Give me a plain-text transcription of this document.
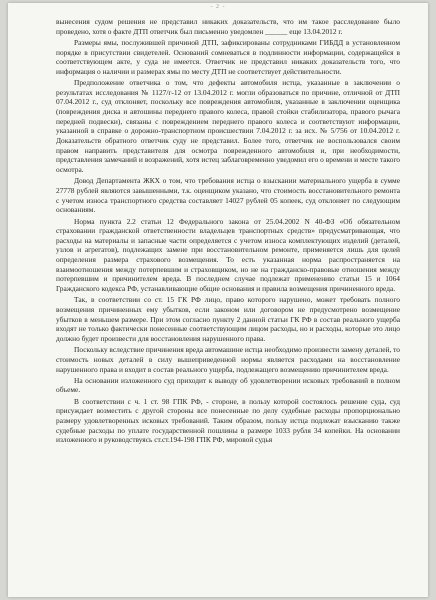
- 2 -

вынесения судом решения не представил никаких доказательств, что им такое расследование было проведено, хотя о факте ДТП ответчик был письменно уведомлен ______ еще 13.04.2012 г.

Размеры ямы, послужившей причиной ДТП, зафиксированы сотрудниками ГИБДД в установленном порядке в присутствии свидетелей. Оснований сомневаться в подлинности информации, содержащейся в соответствующем акте, у суда не имеется. Ответчик не представил никаких доказательств того, что информация о наличии и размерах ямы по месту ДТП не соответствует действительности.

Предположение ответчика о том, что дефекты автомобиля истца, указанные в заключении о результатах исследования № 1127/г-12 от 13.04.2012 г. могли образоваться по причине, отличной от ДТП 07.04.2012 г., суд отклоняет, поскольку все повреждения автомобиля, указанные в заключении оценщика (повреждения диска и автошины переднего правого колеса, правой стойки стабилизатора, правого рычага передней подвески), связаны с повреждением переднего правого колеса и соответствуют информации, указанной в справке о дорожно-транспортном происшествии 7.04.2012 г. за исх. № 5/756 от 10.04.2012 г. Доказательств обратного ответчик суду не представил. Более того, ответчик не воспользовался своим правом направить представителя для осмотра поврежденного автомобиля и, при необходимости, представления замечаний и возражений, хотя истец заблаговременно уведомил его о времени и месте такого осмотра.

Довод Департамента ЖКХ о том, что требования истца о взыскании материального ущерба в сумме 27778 рублей являются завышенными, т.к. оценщиком указано, что стоимость восстановительного ремонта с учетом износа транспортного средства составляет 14027 рублей 05 копеек, суд отклоняет по следующим основаниям.

Норма пункта 2.2 статьи 12 Федерального закона от 25.04.2002 N 40-ФЗ «Об обязательном страховании гражданской ответственности владельцев транспортных средств» предусматривающая, что расходы на материалы и запасные части определяется с учетом износа комплектующих изделий (деталей, узлов и агрегатов), подлежащих замене при восстановительном ремонте, применяется лишь для целей определения размера страхового возмещения. То есть указанная норма распространяется на взаимоотношения между потерпевшим и страховщиком, но не на гражданско-правовые отношения между потерпевшим и причинителем вреда. В последнем случае подлежат применению статьи 15 и 1064 Гражданского кодекса РФ, устанавливающие общие основания и правила возмещения причиненного вреда.

Так, в соответствии со ст. 15 ГК РФ лицо, право которого нарушено, может требовать полного возмещения причиненных ему убытков, если законом или договором не предусмотрено возмещение убытков в меньшем размере. При этом согласно пункту 2 данной статьи ГК РФ в состав реального ущерба входят не только фактически понесенные соответствующим лицом расходы, но и расходы, которые это лицо должно будет произвести для восстановления нарушенного права.

Поскольку вследствие причинения вреда автомашине истца необходимо произвести замену деталей, то стоимость новых деталей в силу вышеприведенной нормы является расходами на восстановление нарушенного права и входит в состав реального ущерба, подлежащего возмещению причинителем вреда.

На основании изложенного суд приходит к выводу об удовлетворении исковых требований в полном объеме.

В соответствии с ч. 1 ст. 98 ГПК РФ, - стороне, в пользу которой состоялось решение суда, суд присуждает возместить с другой стороны все понесенные по делу судебные расходы пропорционально размеру удовлетворенных исковых требований. Таким образом, пользу истца подлежат взысканию также судебные расходы по уплате государственной пошлины в размере 1033 рубля 34 копейки. На основании изложенного и руководствуясь ст.ст.194-198 ГПК РФ, мировой судья
